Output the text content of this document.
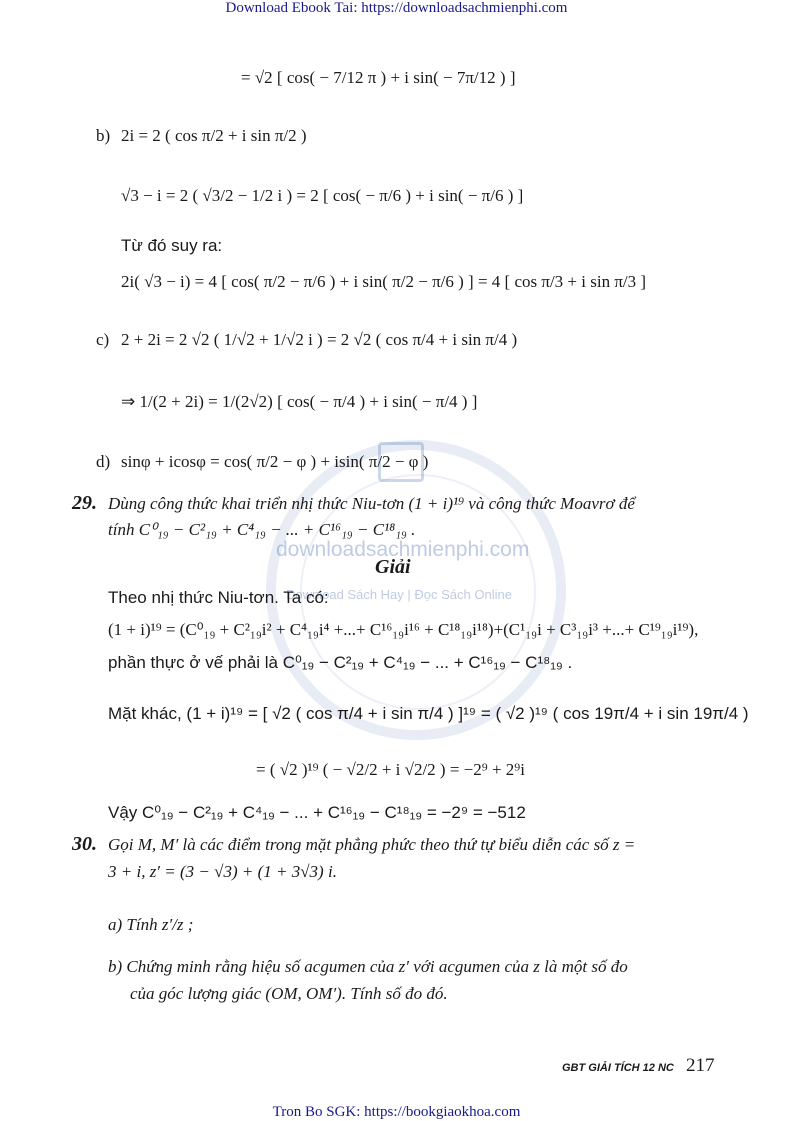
downloadsachmienphi.com
Download Sách Hay | Đọc Sách Online
Download Ebook Tai: https://downloadsachmienphi.com
= √2 [ cos( − 7/12 π ) + i sin( − 7π/12 ) ]
b) 2i = 2 ( cos π/2 + i sin π/2 )
√3 − i = 2 ( √3/2 − 1/2 i ) = 2 [ cos( − π/6 ) + i sin( − π/6 ) ]
Từ đó suy ra:
2i( √3 − i) = 4 [ cos( π/2 − π/6 ) + i sin( π/2 − π/6 ) ] = 4 [ cos π/3 + i sin π/3 ]
c) 2 + 2i = 2 √2 ( 1/√2 + 1/√2 i ) = 2 √2 ( cos π/4 + i sin π/4 )
⇒ 1/(2 + 2i) = 1/(2√2) [ cos( − π/4 ) + i sin( − π/4 ) ]
d) sinφ + icosφ = cos( π/2 − φ ) + isin( π/2 − φ )
29. Dùng công thức khai triển nhị thức Niu-tơn (1 + i)¹⁹ và công thức Moavrơ để
tính C⁰₁₉ − C²₁₉ + C⁴₁₉ − ... + C¹⁶₁₉ − C¹⁸₁₉ .
Giải
Theo nhị thức Niu-tơn. Ta có:
(1 + i)¹⁹ = (C⁰₁₉ + C²₁₉i² + C⁴₁₉i⁴ +...+ C¹⁶₁₉i¹⁶ + C¹⁸₁₉i¹⁸)+(C¹₁₉i + C³₁₉i³ +...+ C¹⁹₁₉i¹⁹),
phần thực ở vế phải là C⁰₁₉ − C²₁₉ + C⁴₁₉ − ... + C¹⁶₁₉ − C¹⁸₁₉ .
Mặt khác, (1 + i)¹⁹ = [ √2 ( cos π/4 + i sin π/4 ) ]¹⁹ = ( √2 )¹⁹ ( cos 19π/4 + i sin 19π/4 )
= ( √2 )¹⁹ ( − √2/2 + i √2/2 ) = −2⁹ + 2⁹i
Vậy C⁰₁₉ − C²₁₉ + C⁴₁₉ − ... + C¹⁶₁₉ − C¹⁸₁₉ = −2⁹ = −512
30. Gọi M, M′ là các điểm trong mặt phẳng phức theo thứ tự biểu diễn các số z =
3 + i, z′ = (3 − √3) + (1 + 3√3) i.
a) Tính z′/z ;
b) Chứng minh rằng hiệu số acgumen của z′ với acgumen của z là một số đo
của góc lượng giác (OM, OM′). Tính số đo đó.
GBT GIẢI TÍCH 12 NC 217
Tron Bo SGK: https://bookgiaokhoa.com
